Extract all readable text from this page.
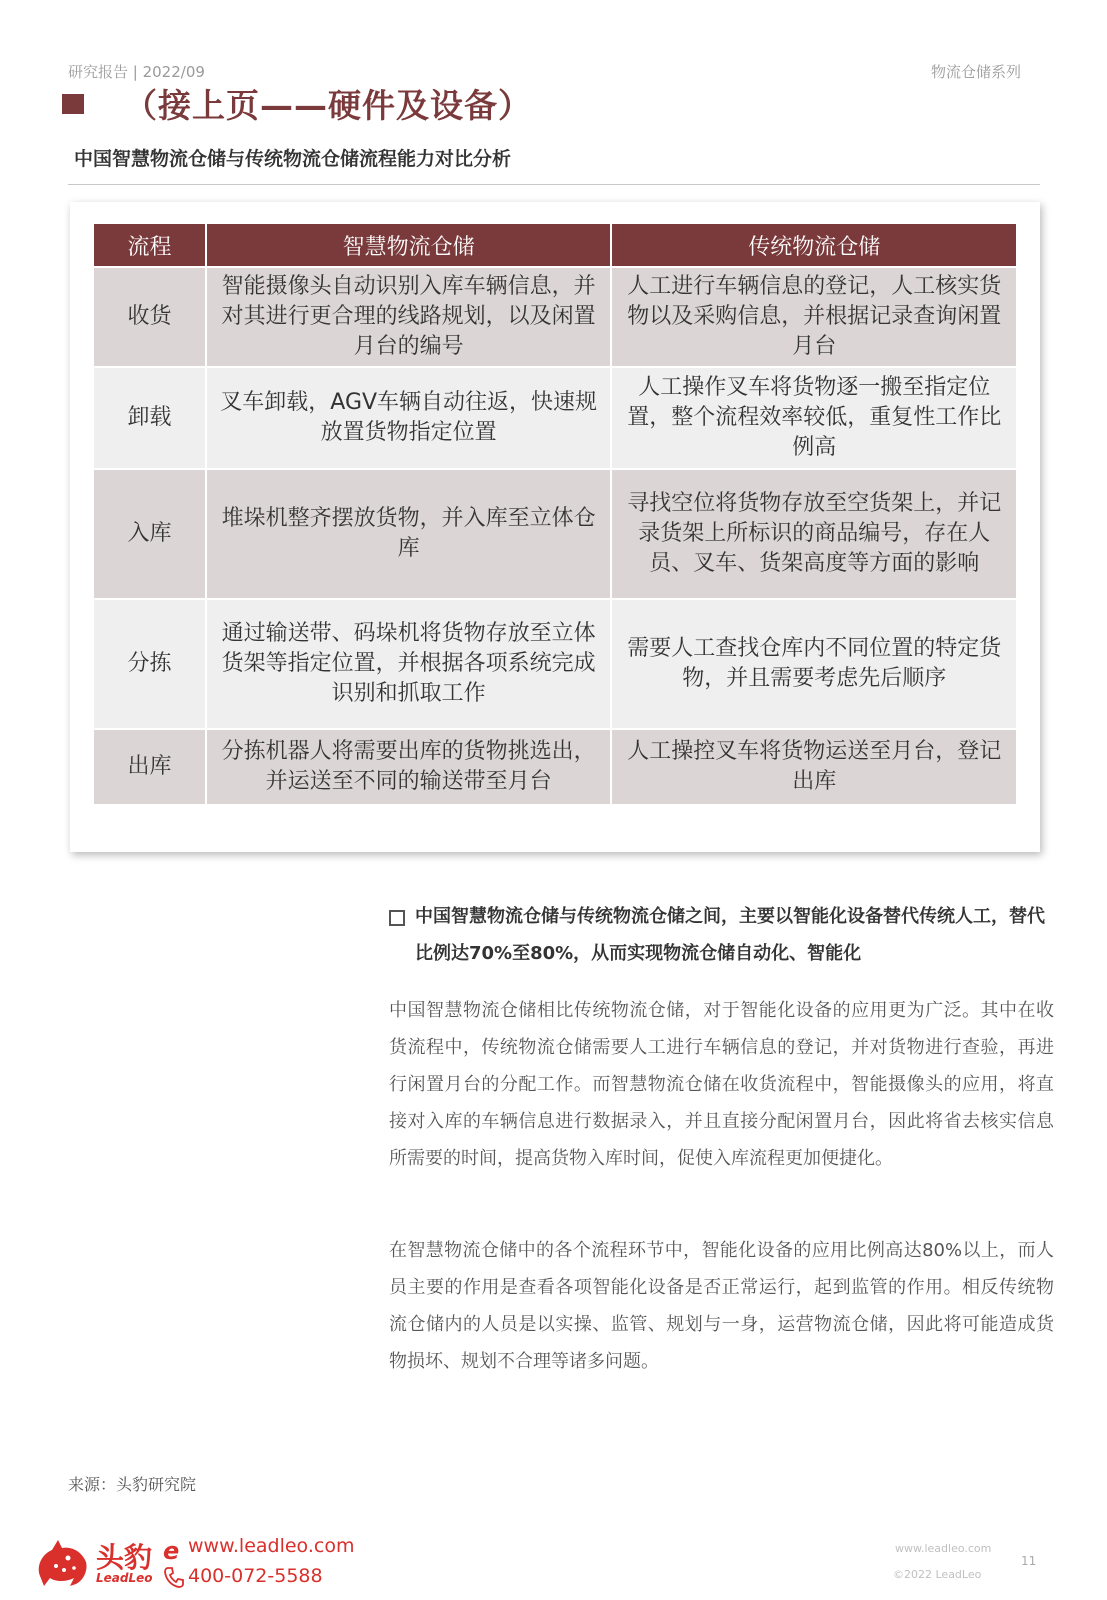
研究报告 | 2022/09	物流仓储系列
（接上页——硬件及设备）
中国智慧物流仓储与传统物流仓储流程能力对比分析
流程	智慧物流仓储	传统物流仓储
收货	智能摄像头自动识别入库车辆信息，并对其进行更合理的线路规划，以及闲置月台的编号	人工进行车辆信息的登记，人工核实货物以及采购信息，并根据记录查询闲置月台
卸载	叉车卸载，AGV车辆自动往返，快速规放置货物指定位置	人工操作叉车将货物逐一搬至指定位置，整个流程效率较低，重复性工作比例高
入库	堆垛机整齐摆放货物，并入库至立体仓库	寻找空位将货物存放至空货架上，并记录货架上所标识的商品编号，存在人员、叉车、货架高度等方面的影响
分拣	通过输送带、码垛机将货物存放至立体货架等指定位置，并根据各项系统完成识别和抓取工作	需要人工查找仓库内不同位置的特定货物，并且需要考虑先后顺序
出库	分拣机器人将需要出库的货物挑选出，并运送至不同的输送带至月台	人工操控叉车将货物运送至月台，登记出库
中国智慧物流仓储与传统物流仓储之间，主要以智能化设备替代传统人工，替代比例达70%至80%，从而实现物流仓储自动化、智能化
中国智慧物流仓储相比传统物流仓储，对于智能化设备的应用更为广泛。其中在收货流程中，传统物流仓储需要人工进行车辆信息的登记，并对货物进行查验，再进行闲置月台的分配工作。而智慧物流仓储在收货流程中，智能摄像头的应用，将直接对入库的车辆信息进行数据录入，并且直接分配闲置月台，因此将省去核实信息所需要的时间，提高货物入库时间，促使入库流程更加便捷化。
在智慧物流仓储中的各个流程环节中，智能化设备的应用比例高达80%以上，而人员主要的作用是查看各项智能化设备是否正常运行，起到监管的作用。相反传统物流仓储内的人员是以实操、监管、规划与一身，运营物流仓储，因此将可能造成货物损坏、规划不合理等诸多问题。
来源：头豹研究院
头豹
LeadLeo
e www.leadleo.com
400-072-5588
www.leadleo.com
©2022 LeadLeo
11
